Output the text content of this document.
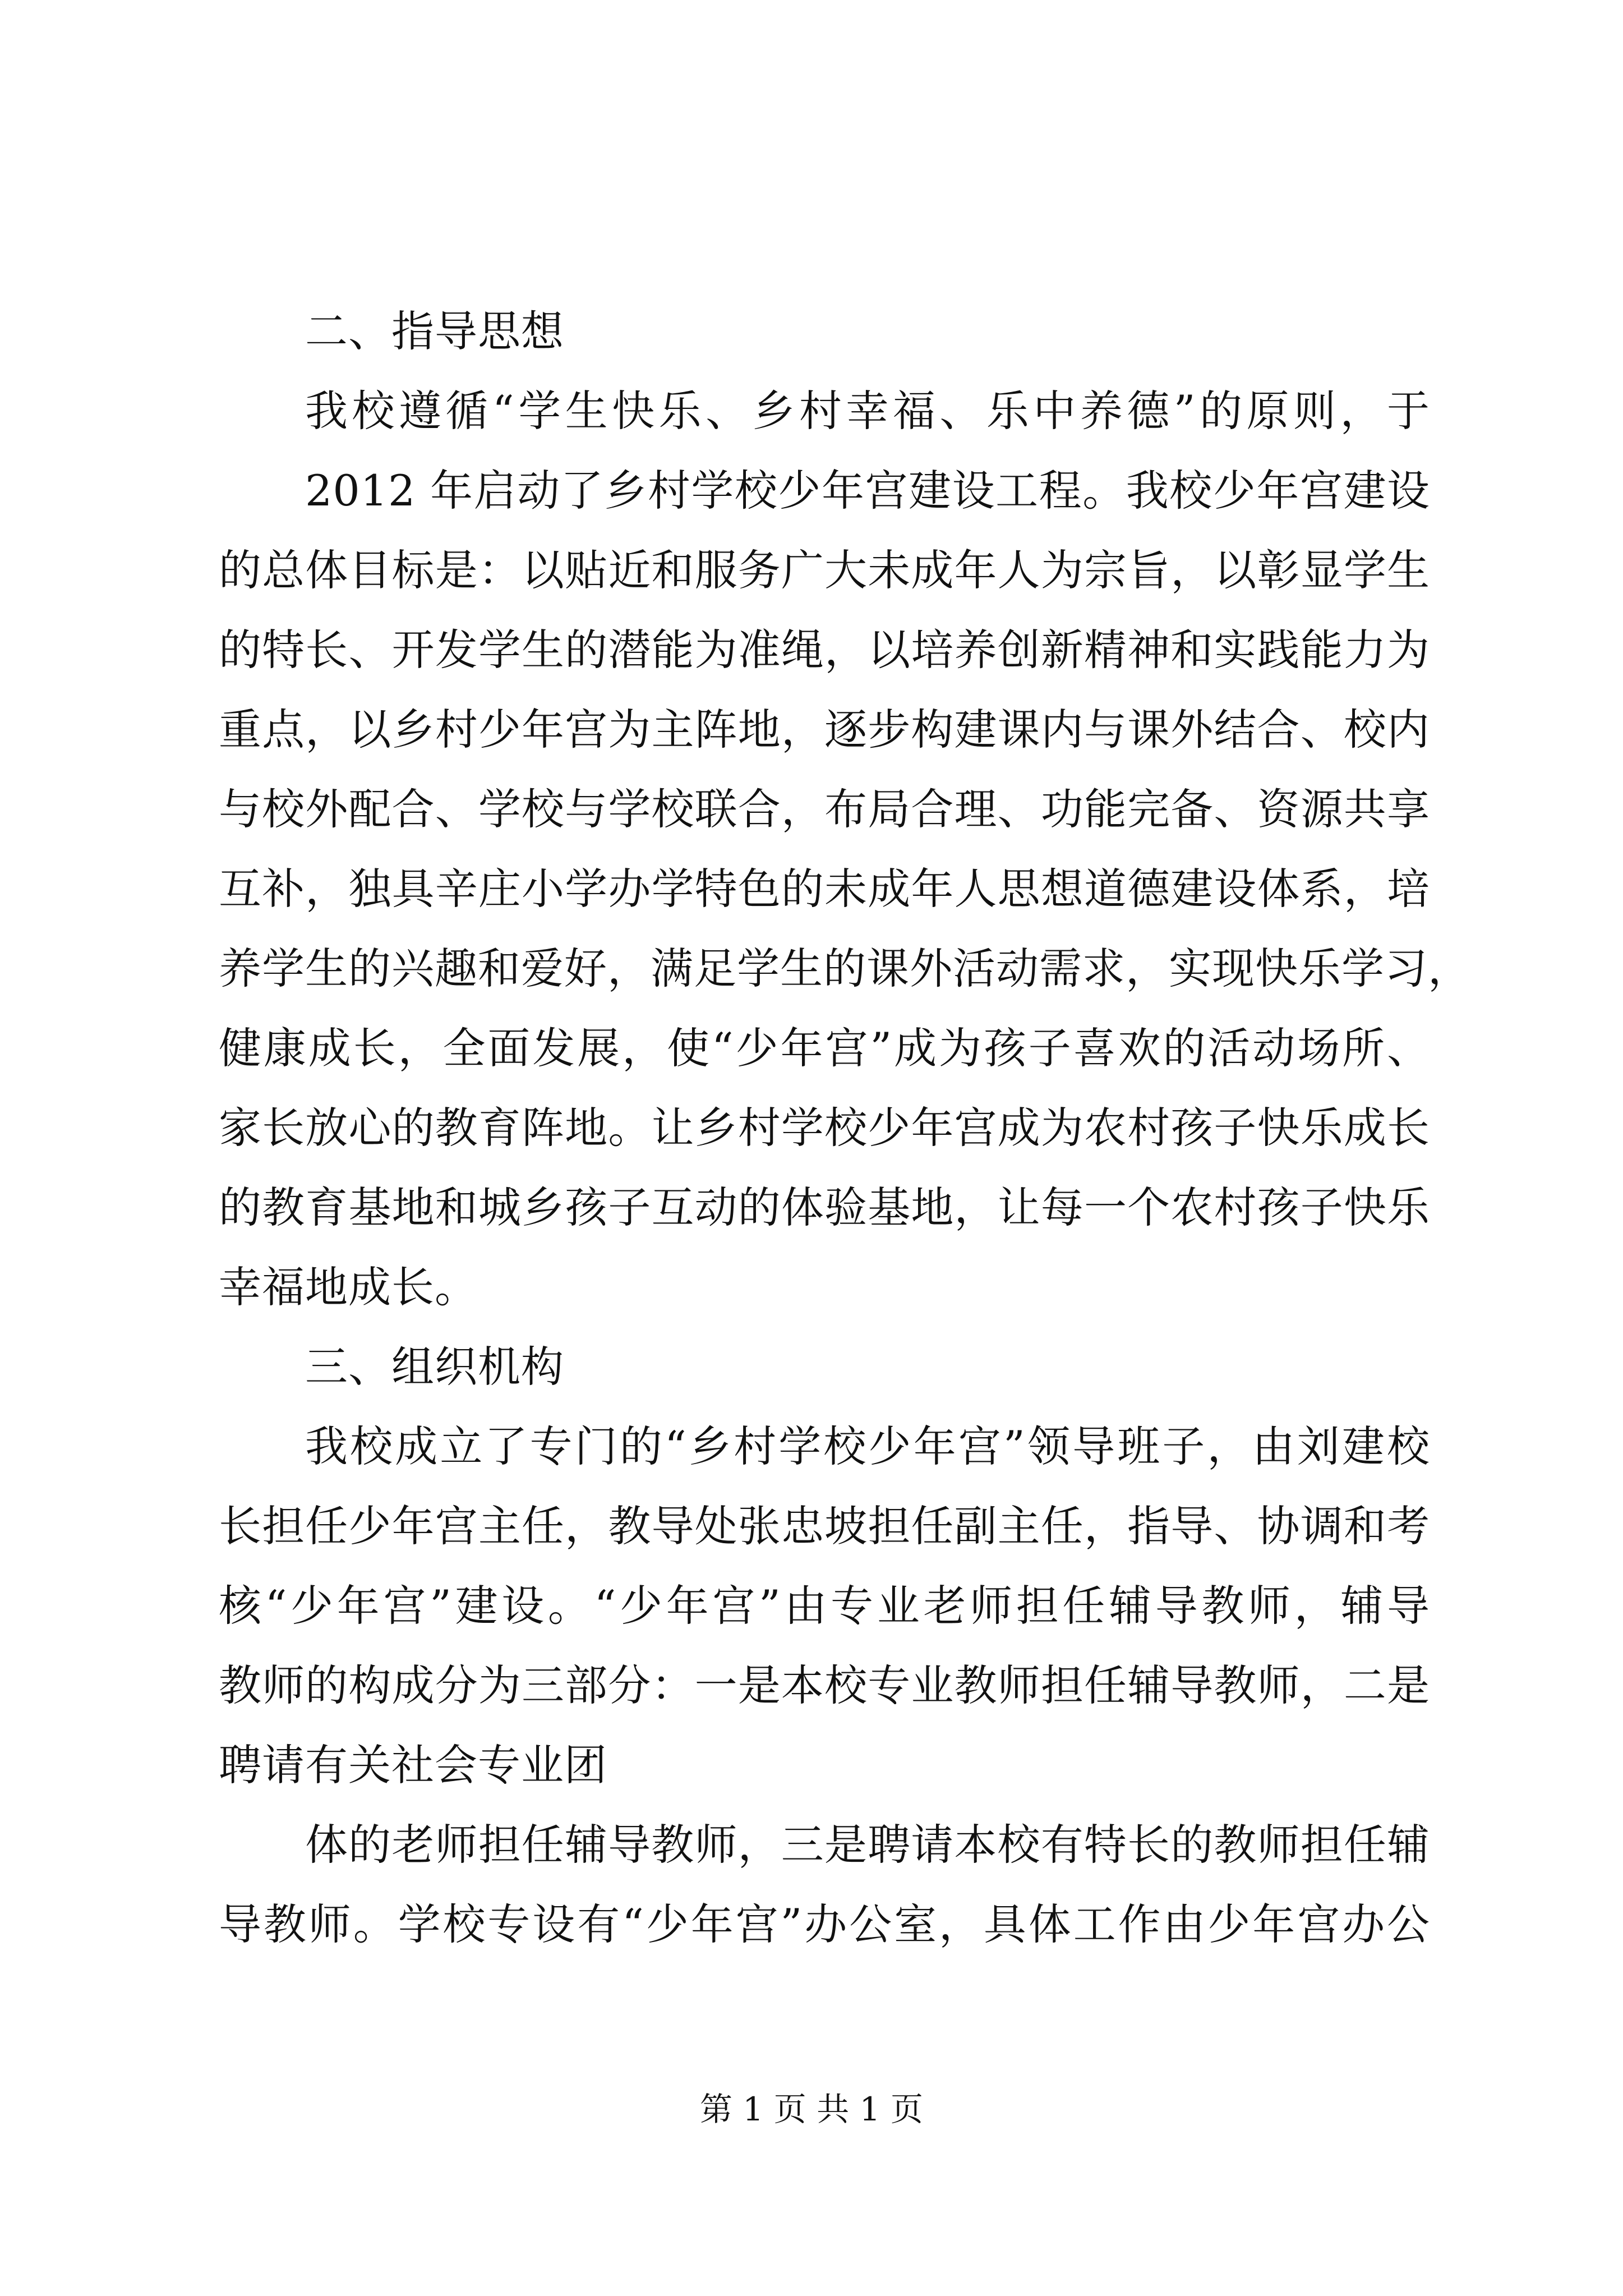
二、指导思想
我校遵循“学生快乐、乡村幸福、乐中养德”的原则，于
2012 年启动了乡村学校少年宫建设工程。我校少年宫建设
的总体目标是：以贴近和服务广大未成年人为宗旨，以彰显学生
的特长、开发学生的潜能为准绳，以培养创新精神和实践能力为
重点，以乡村少年宫为主阵地，逐步构建课内与课外结合、校内
与校外配合、学校与学校联合，布局合理、功能完备、资源共享
互补，独具辛庄小学办学特色的未成年人思想道德建设体系，培
养学生的兴趣和爱好，满足学生的课外活动需求，实现快乐学习，
健康成长，全面发展，使“少年宫”成为孩子喜欢的活动场所、
家长放心的教育阵地。让乡村学校少年宫成为农村孩子快乐成长
的教育基地和城乡孩子互动的体验基地，让每一个农村孩子快乐
幸福地成长。
三、组织机构
我校成立了专门的“乡村学校少年宫”领导班子，由刘建校
长担任少年宫主任，教导处张忠坡担任副主任，指导、协调和考
核“少年宫”建设。“少年宫”由专业老师担任辅导教师，辅导
教师的构成分为三部分：一是本校专业教师担任辅导教师，二是
聘请有关社会专业团
体的老师担任辅导教师，三是聘请本校有特长的教师担任辅
导教师。学校专设有“少年宫”办公室，具体工作由少年宫办公
第 1 页 共 1 页
